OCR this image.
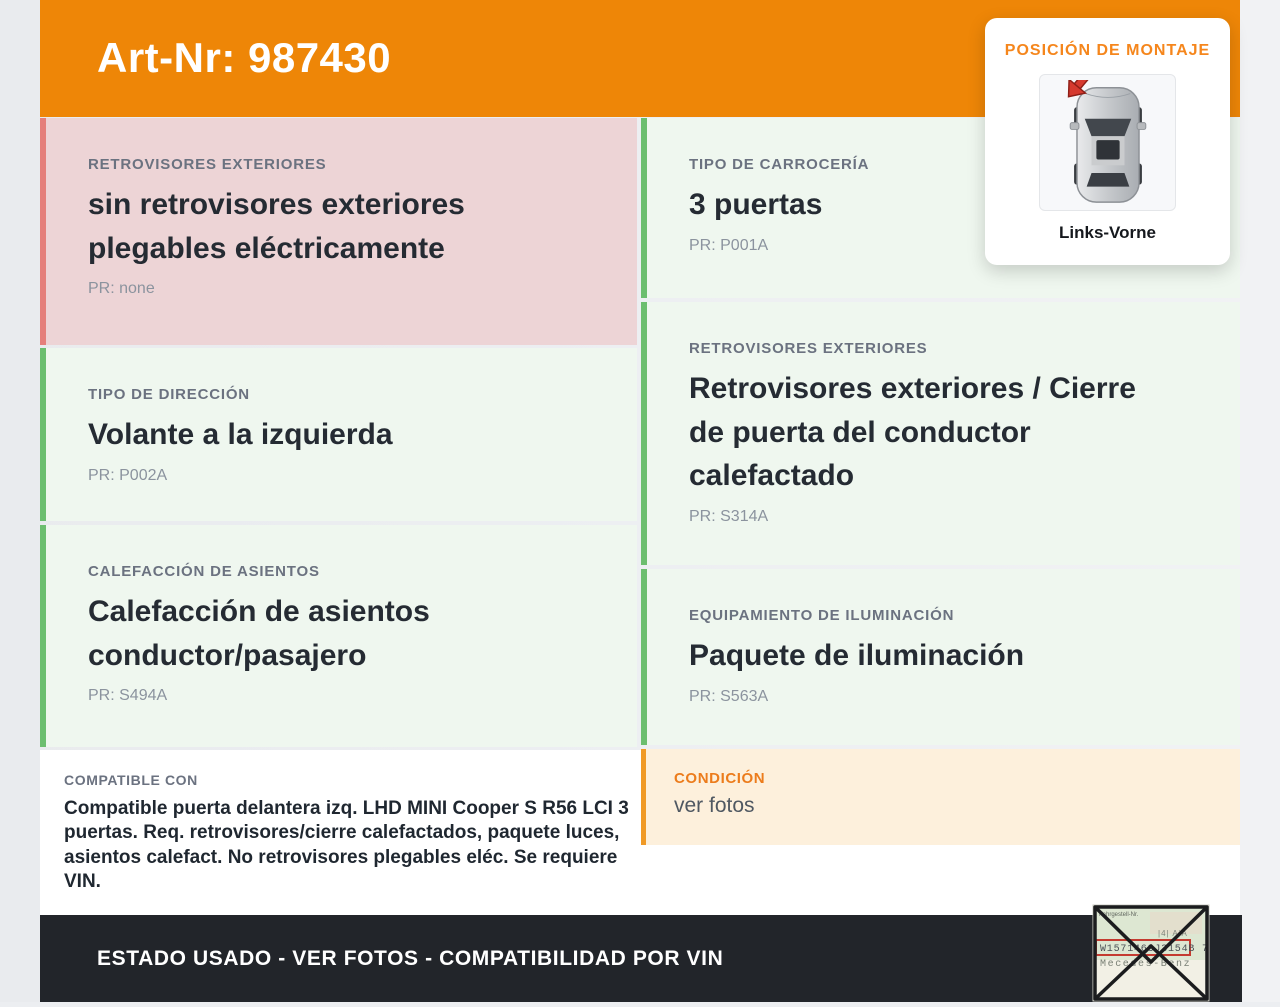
Art-Nr: 987430
RETROVISORES EXTERIORES
sin retrovisores exteriores plegables eléctricamente
PR: none
TIPO DE DIRECCIÓN
Volante a la izquierda
PR: P002A
CALEFACCIÓN DE ASIENTOS
Calefacción de asientos conductor/pasajero
PR: S494A
TIPO DE CARROCERÍA
3 puertas
PR: P001A
RETROVISORES EXTERIORES
Retrovisores exteriores / Cierre de puerta del conductor calefactado
PR: S314A
EQUIPAMIENTO DE ILUMINACIÓN
Paquete de iluminación
PR: S563A
COMPATIBLE CON
Compatible puerta delantera izq. LHD MINI Cooper S R56 LCI 3 puertas. Req. retrovisores/cierre calefactados, paquete luces, asientos calefact. No retrovisores plegables eléc. Se requiere VIN.
CONDICIÓN
ver fotos
POSICIÓN DE MONTAJE
Links-Vorne
ESTADO USADO - VER FOTOS - COMPATIBILIDAD POR VIN
Fahrgestell-Nr.
|4| AiA
W1571463J3154B 7
Mecedes-Benz
